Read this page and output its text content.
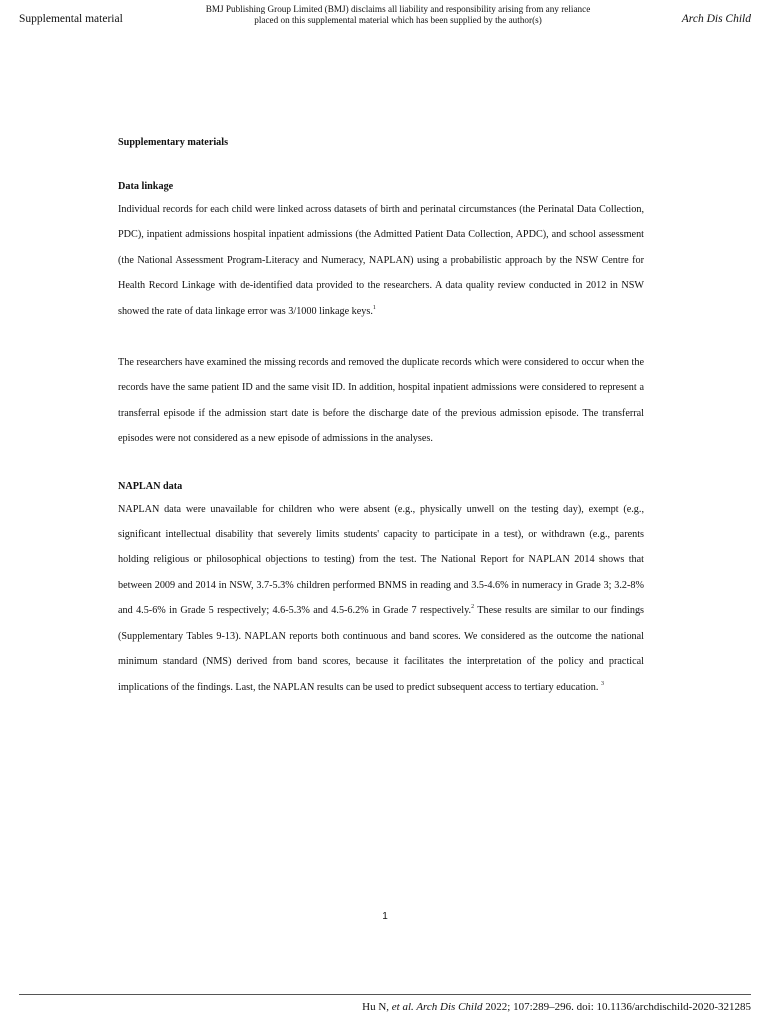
Supplemental material
BMJ Publishing Group Limited (BMJ) disclaims all liability and responsibility arising from any reliance
placed on this supplemental material which has been supplied by the author(s)	Arch Dis Child

Supplementary materials

Data linkage

Individual records for each child were linked across datasets of birth and perinatal circumstances (the Perinatal Data Collection, PDC), inpatient admissions hospital inpatient admissions (the Admitted Patient Data Collection, APDC), and school assessment (the National Assessment Program-Literacy and Numeracy, NAPLAN) using a probabilistic approach by the NSW Centre for Health Record Linkage with de-identified data provided to the researchers. A data quality review conducted in 2012 in NSW showed the rate of data linkage error was 3/1000 linkage keys.$^1$

The researchers have examined the missing records and removed the duplicate records which were considered to occur when the records have the same patient ID and the same visit ID. In addition, hospital inpatient admissions were considered to represent a transferral episode if the admission start date is before the discharge date of the previous admission episode. The transferral episodes were not considered as a new episode of admissions in the analyses.

NAPLAN data

NAPLAN data were unavailable for children who were absent (e.g., physically unwell on the testing day), exempt (e.g., significant intellectual disability that severely limits students' capacity to participate in a test), or withdrawn (e.g., parents holding religious or philosophical objections to testing) from the test. The National Report for NAPLAN 2014 shows that between 2009 and 2014 in NSW, 3.7-5.3% children performed BNMS in reading and 3.5-4.6% in numeracy in Grade 3; 3.2-8% and 4.5-6% in Grade 5 respectively; 4.6-5.3% and 4.5-6.2% in Grade 7 respectively.$^2$ These results are similar to our findings (Supplementary Tables 9-13). NAPLAN reports both continuous and band scores. We considered as the outcome the national minimum standard (NMS) derived from band scores, because it facilitates the interpretation of the policy and practical implications of the findings. Last, the NAPLAN results can be used to predict subsequent access to tertiary education. $^3$

1
Hu N, et al. Arch Dis Child 2022; 107:289–296. doi: 10.1136/archdischild-2020-321285
